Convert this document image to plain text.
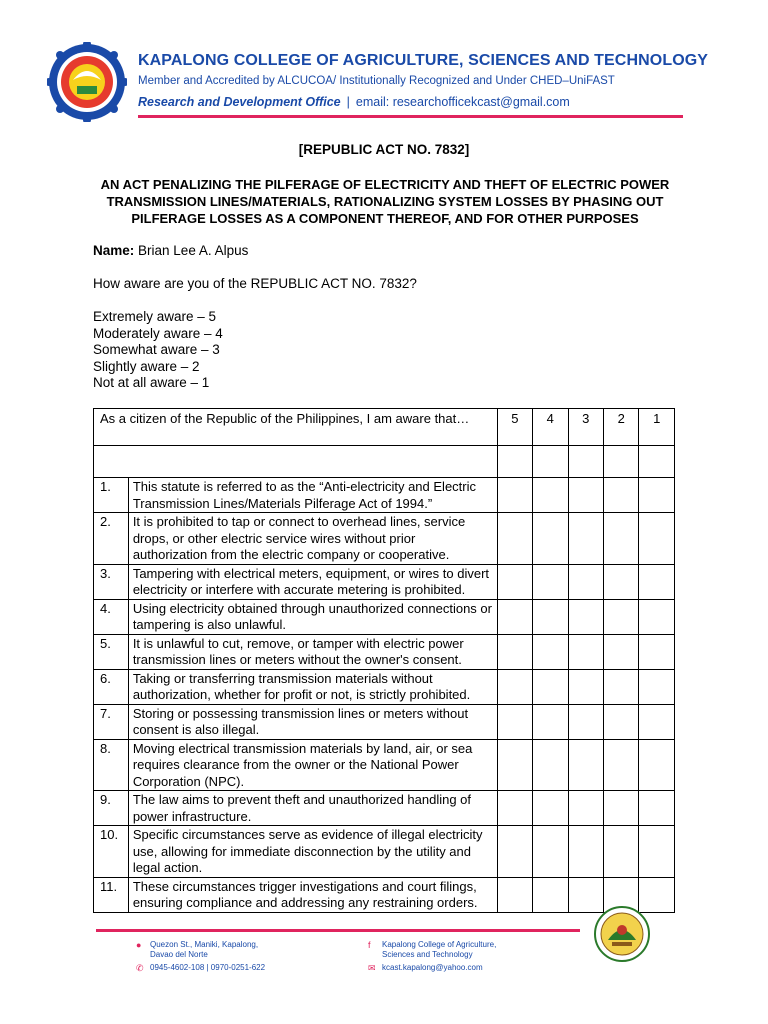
KAPALONG COLLEGE OF AGRICULTURE, SCIENCES AND TECHNOLOGY
Member and Accredited by ALCUCOA/ Institutionally Recognized and Under CHED–UniFAST
Research and Development Office | email: researchofficekcast@gmail.com
[REPUBLIC ACT NO. 7832]
AN ACT PENALIZING THE PILFERAGE OF ELECTRICITY AND THEFT OF ELECTRIC POWER TRANSMISSION LINES/MATERIALS, RATIONALIZING SYSTEM LOSSES BY PHASING OUT PILFERAGE LOSSES AS A COMPONENT THEREOF, AND FOR OTHER PURPOSES
Name: Brian Lee A. Alpus
How aware are you of the REPUBLIC ACT NO. 7832?
Extremely aware – 5
Moderately aware – 4
Somewhat aware – 3
Slightly aware – 2
Not at all aware – 1
As a citizen of the Republic of the Philippines, I am aware that…		5	4	3	2	1

1.	This statute is referred to as the “Anti-electricity and Electric Transmission Lines/Materials Pilferage Act of 1994.”					
2.	It is prohibited to tap or connect to overhead lines, service drops, or other electric service wires without prior authorization from the electric company or cooperative.					
3.	Tampering with electrical meters, equipment, or wires to divert electricity or interfere with accurate metering is prohibited.					
4.	Using electricity obtained through unauthorized connections or tampering is also unlawful.					
5.	It is unlawful to cut, remove, or tamper with electric power transmission lines or meters without the owner's consent.					
6.	Taking or transferring transmission materials without authorization, whether for profit or not, is strictly prohibited.					
7.	Storing or possessing transmission lines or meters without consent is also illegal.					
8.	Moving electrical transmission materials by land, air, or sea requires clearance from the owner or the National Power Corporation (NPC).					
9.	The law aims to prevent theft and unauthorized handling of power infrastructure.					
10.	Specific circumstances serve as evidence of illegal electricity use, allowing for immediate disconnection by the utility and legal action.					
11.	These circumstances trigger investigations and court filings, ensuring compliance and addressing any restraining orders.					
●	Quezon St., Maniki, Kapalong,
Davao del Norte
✆ 0945-4602-108 | 0970-0251-622
f	Kapalong College of Agriculture,
Sciences and Technology
✉ kcast.kapalong@yahoo.com
